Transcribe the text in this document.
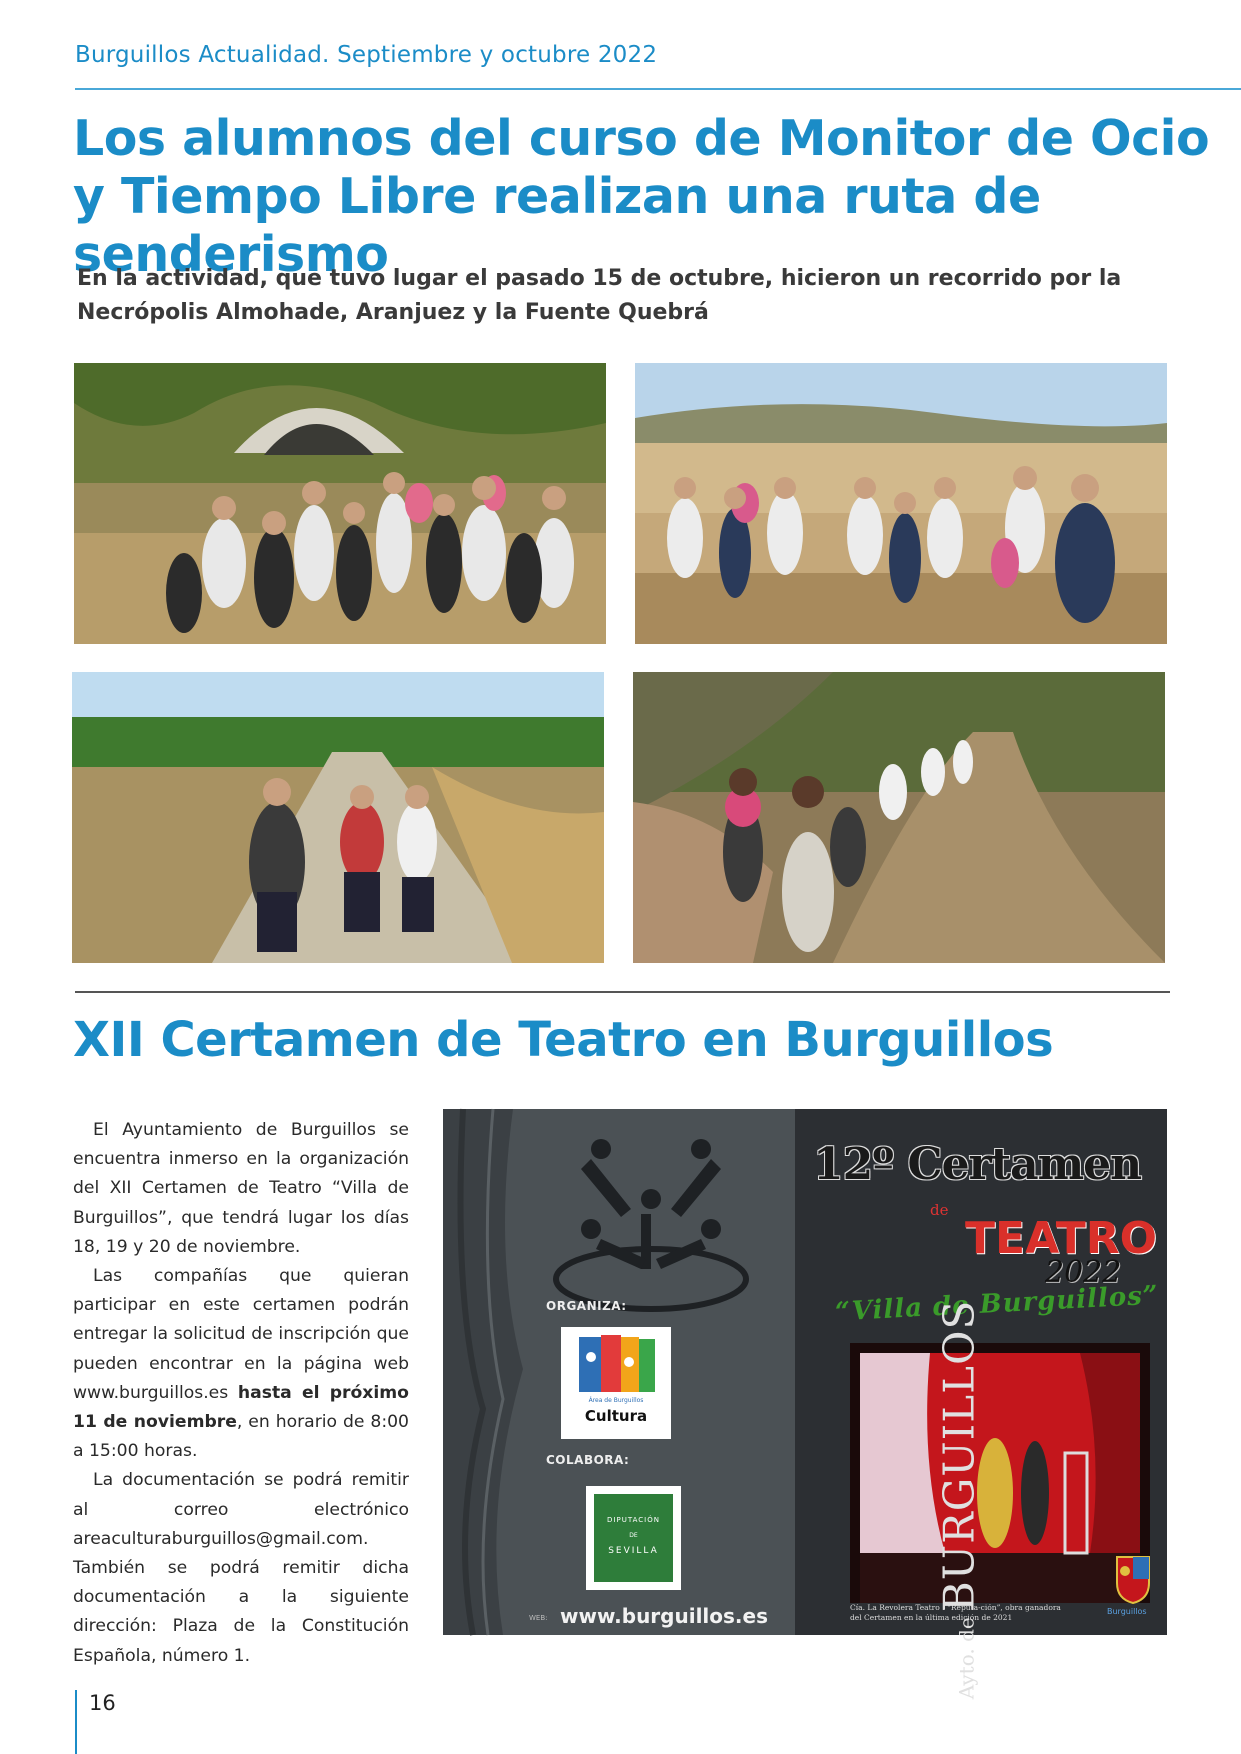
Burguillos Actualidad. Septiembre y octubre 2022
Los alumnos del curso de Monitor de Ocio
y Tiempo Libre realizan una ruta de senderismo
En la actividad, que tuvo lugar el pasado 15 de octubre, hicieron un recorrido por la
Necrópolis Almohade, Aranjuez y la Fuente Quebrá
XII Certamen de Teatro en Burguillos

El Ayuntamiento de Burguillos se encuentra inmerso en la organización del XII Certamen de Teatro “Villa de Burguillos”, que tendrá lugar los días 18, 19 y 20 de noviembre.

Las compañías que quieran participar en este certamen podrán entregar la solicitud de inscripción que pueden encontrar en la página web www.burguillos.es hasta el próximo 11 de noviembre, en horario de 8:00 a 15:00 horas.

La documentación se podrá remitir al correo electrónico areaculturaburguillos@gmail.com. También se podrá remitir dicha documentación a la siguiente dirección: Plaza de la Constitución Española, número 1.

ORGANIZA:
Área de Burguillos
Cultura
COLABORA:
DIPUTACIÓN
DE
SEVILLA
WEB: www.burguillos.es
12º Certamen
de
TEATRO
2022
“Villa de Burguillos”
Cía. La Revolera Teatro : “Reputa-ción”, obra ganadora
del Certamen en la última edición de 2021
Ayto. de BURGUILLOS	Burguillos
16
